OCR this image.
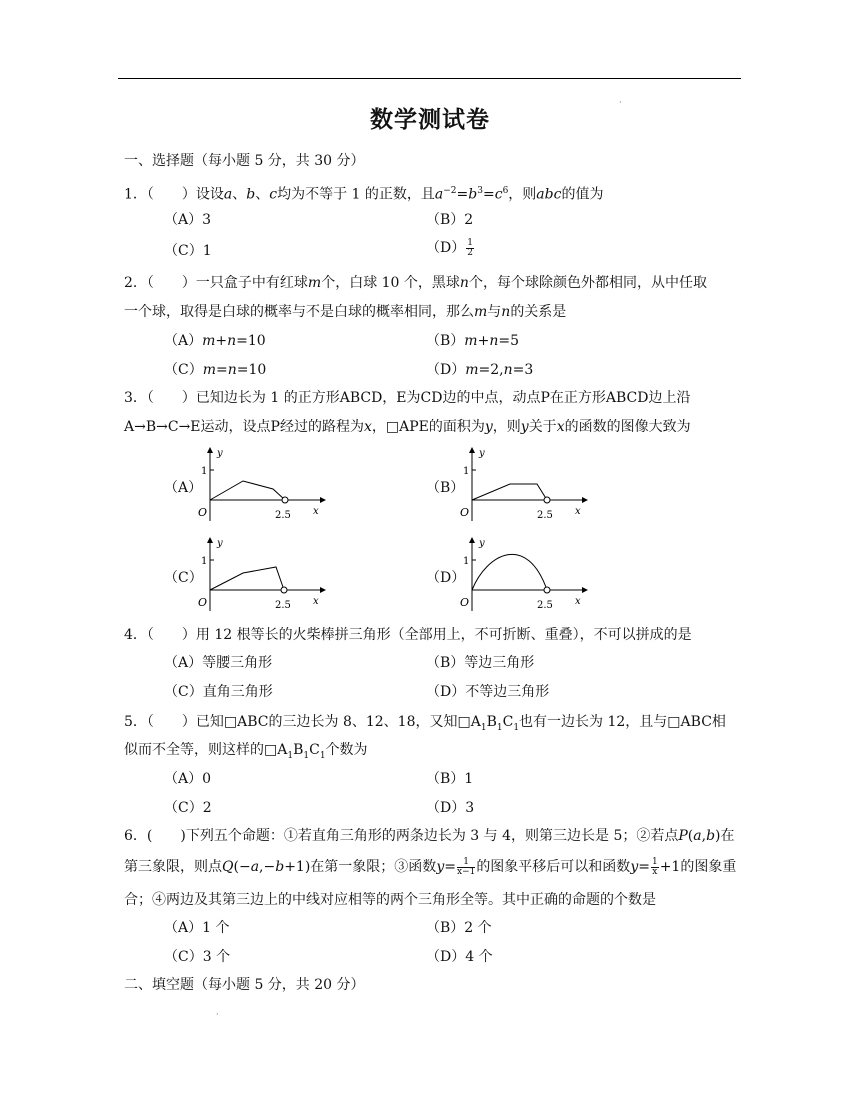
·
·
数学测试卷
一、选择题（每小题 5 分，共 30 分）
1．（　　）设设a、b、c均为不等于 1 的正数，且$a^{-2}=b^3=c^6$，则abc的值为
（A）3	（B）2
（C）1	$(D) \frac{1}{2}$
2．（　　）一只盒子中有红球m个，白球 10 个，黑球n个，每个球除颜色外都相同，从中任取
一个球，取得是白球的概率与不是白球的概率相同，那么m与n的关系是
（A）m+n=10	（B）m+n=5
（C）m=n=10	（D）m=2,n=3
3．（　　）已知边长为 1 的正方形ABCD，E为CD边的中点，动点P在正方形ABCD边上沿
A→B→C→E运动，设点P经过的路程为x，□APE的面积为y，则y关于x的函数的图像大致为
（A）	（B）
（C）	（D）
y
x
1
O	2.5
y
x
1
O	2.5
y
x
1
O	2.5
y
x
1
O	2.5
4．（　　）用 12 根等长的火柴棒拼三角形（全部用上，不可折断、重叠），不可以拼成的是
（A）等腰三角形	（B）等边三角形
（C）直角三角形	（D）不等边三角形
5．（　　）已知□ABC的三边长为 8、12、18，又知$□A_1B_1C_1$也有一边长为 12，且与□ABC相
似而不全等，则这样的$□A_1B_1C_1$个数为
（A）0	（B）1
（C）2	（D）3
6．(　　)下列五个命题：①若直角三角形的两条边长为 3 与 4，则第三边长是 5；②若点P(a,b)在
第三象限，则点Q(−a,−b+1)在第一象限；③函数$y= \frac{1}{x-1}$ 的图象平移后可以和函数$y= \frac{1}{x} +1$的图象重
合；④两边及其第三边上的中线对应相等的两个三角形全等。其中正确的命题的个数是
（A）1 个	（B）2 个
（C）3 个	（D）4 个
二、填空题（每小题 5 分，共 20 分）
